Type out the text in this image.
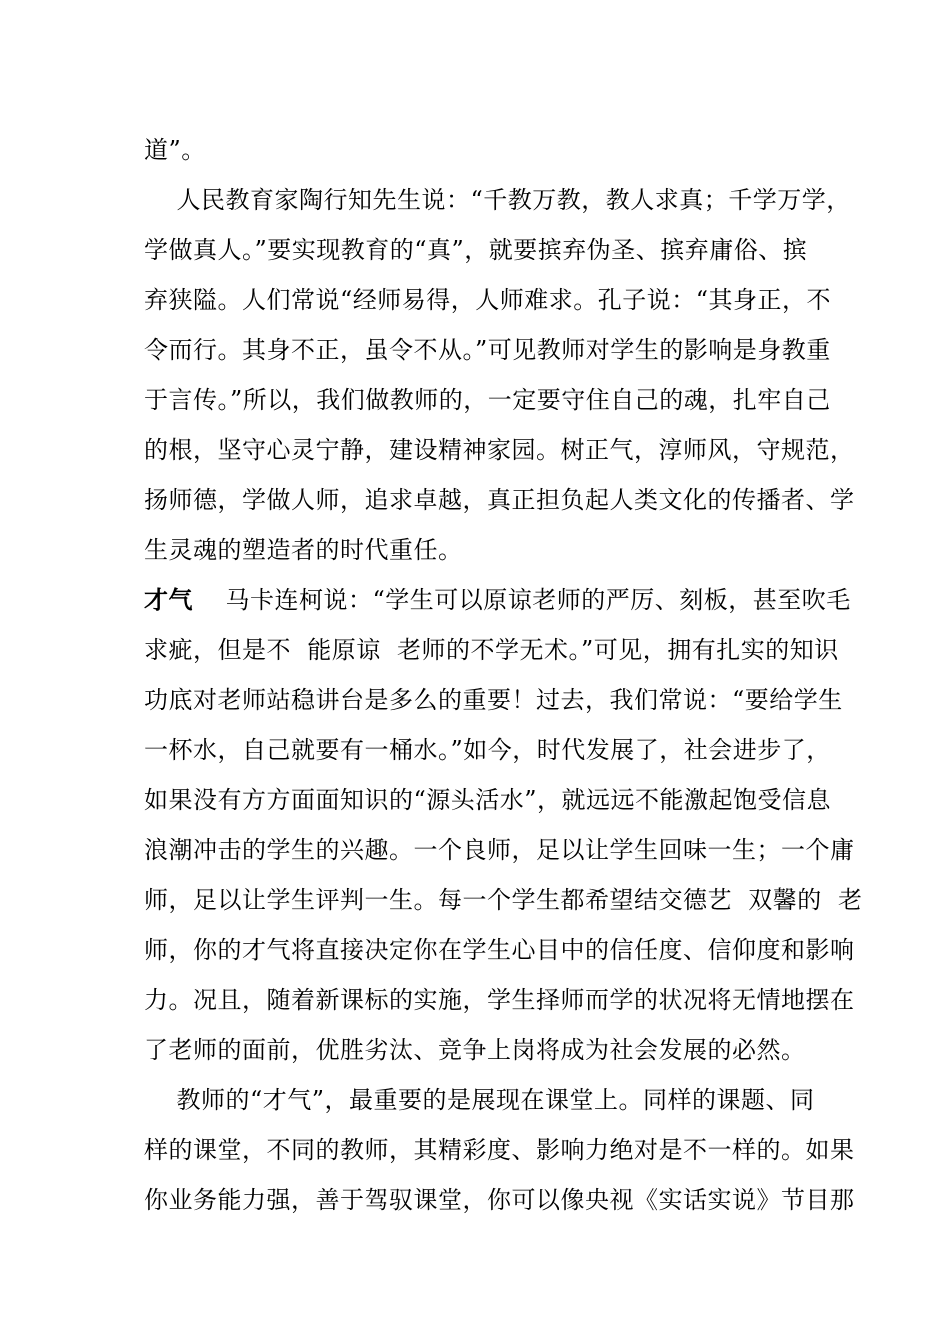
道”。
人民教育家陶行知先生说：“千教万教，教人求真；千学万学，
学做真人。”要实现教育的“真”，就要摈弃伪圣、摈弃庸俗、摈
弃狭隘。人们常说“经师易得，人师难求。孔子说：“其身正，不
令而行。其身不正，虽令不从。”可见教师对学生的影响是身教重
于言传。”所以，我们做教师的，一定要守住自己的魂，扎牢自己
的根，坚守心灵宁静，建设精神家园。树正气，淳师风，守规范，
扬师德，学做人师，追求卓越，真正担负起人类文化的传播者、学
生灵魂的塑造者的时代重任。
才气    马卡连柯说：“学生可以原谅老师的严厉、刻板，甚至吹毛
求疵，但是不  能原谅  老师的不学无术。”可见，拥有扎实的知识
功底对老师站稳讲台是多么的重要！过去，我们常说：“要给学生
一杯水，自己就要有一桶水。”如今，时代发展了，社会进步了，
如果没有方方面面知识的“源头活水”，就远远不能激起饱受信息
浪潮冲击的学生的兴趣。一个良师，足以让学生回味一生；一个庸
师，足以让学生评判一生。每一个学生都希望结交德艺  双馨的  老
师，你的才气将直接决定你在学生心目中的信任度、信仰度和影响
力。况且，随着新课标的实施，学生择师而学的状况将无情地摆在
了老师的面前，优胜劣汰、竞争上岗将成为社会发展的必然。
教师的“才气”，最重要的是展现在课堂上。同样的课题、同
样的课堂，不同的教师，其精彩度、影响力绝对是不一样的。如果
你业务能力强，善于驾驭课堂，你可以像央视《实话实说》节目那
